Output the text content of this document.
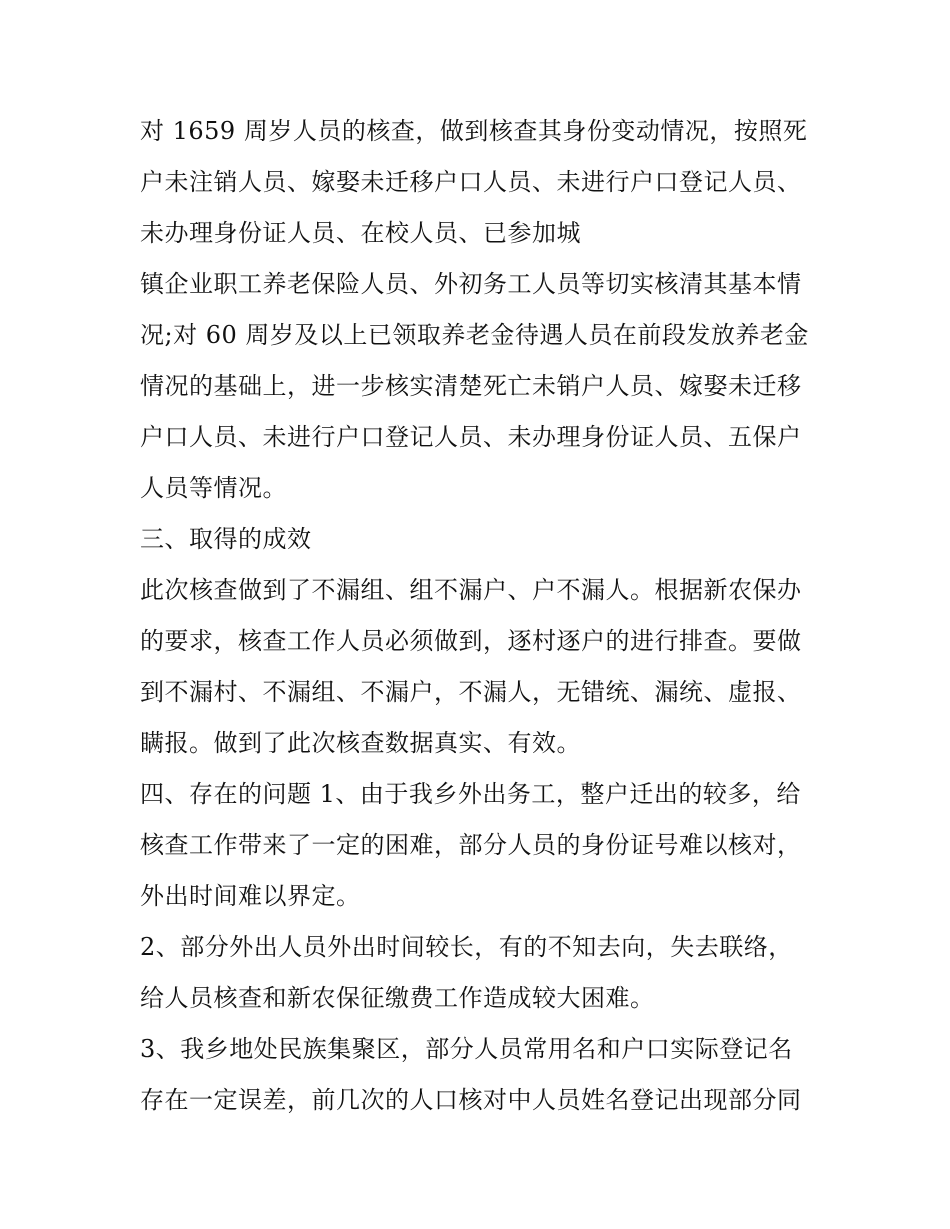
对 1659 周岁人员的核查，做到核查其身份变动情况，按照死
户未注销人员、嫁娶未迁移户口人员、未进行户口登记人员、
未办理身份证人员、在校人员、已参加城
镇企业职工养老保险人员、外初务工人员等切实核清其基本情
况;对 60 周岁及以上已领取养老金待遇人员在前段发放养老金
情况的基础上，进一步核实清楚死亡未销户人员、嫁娶未迁移
户口人员、未进行户口登记人员、未办理身份证人员、五保户
人员等情况。
三、取得的成效
此次核查做到了不漏组、组不漏户、户不漏人。根据新农保办
的要求，核查工作人员必须做到，逐村逐户的进行排查。要做
到不漏村、不漏组、不漏户，不漏人，无错统、漏统、虚报、
瞒报。做到了此次核查数据真实、有效。
四、存在的问题 1、由于我乡外出务工，整户迁出的较多，给
核查工作带来了一定的困难，部分人员的身份证号难以核对，
外出时间难以界定。
2、部分外出人员外出时间较长，有的不知去向，失去联络，
给人员核查和新农保征缴费工作造成较大困难。
3、我乡地处民族集聚区，部分人员常用名和户口实际登记名
存在一定误差，前几次的人口核对中人员姓名登记出现部分同
